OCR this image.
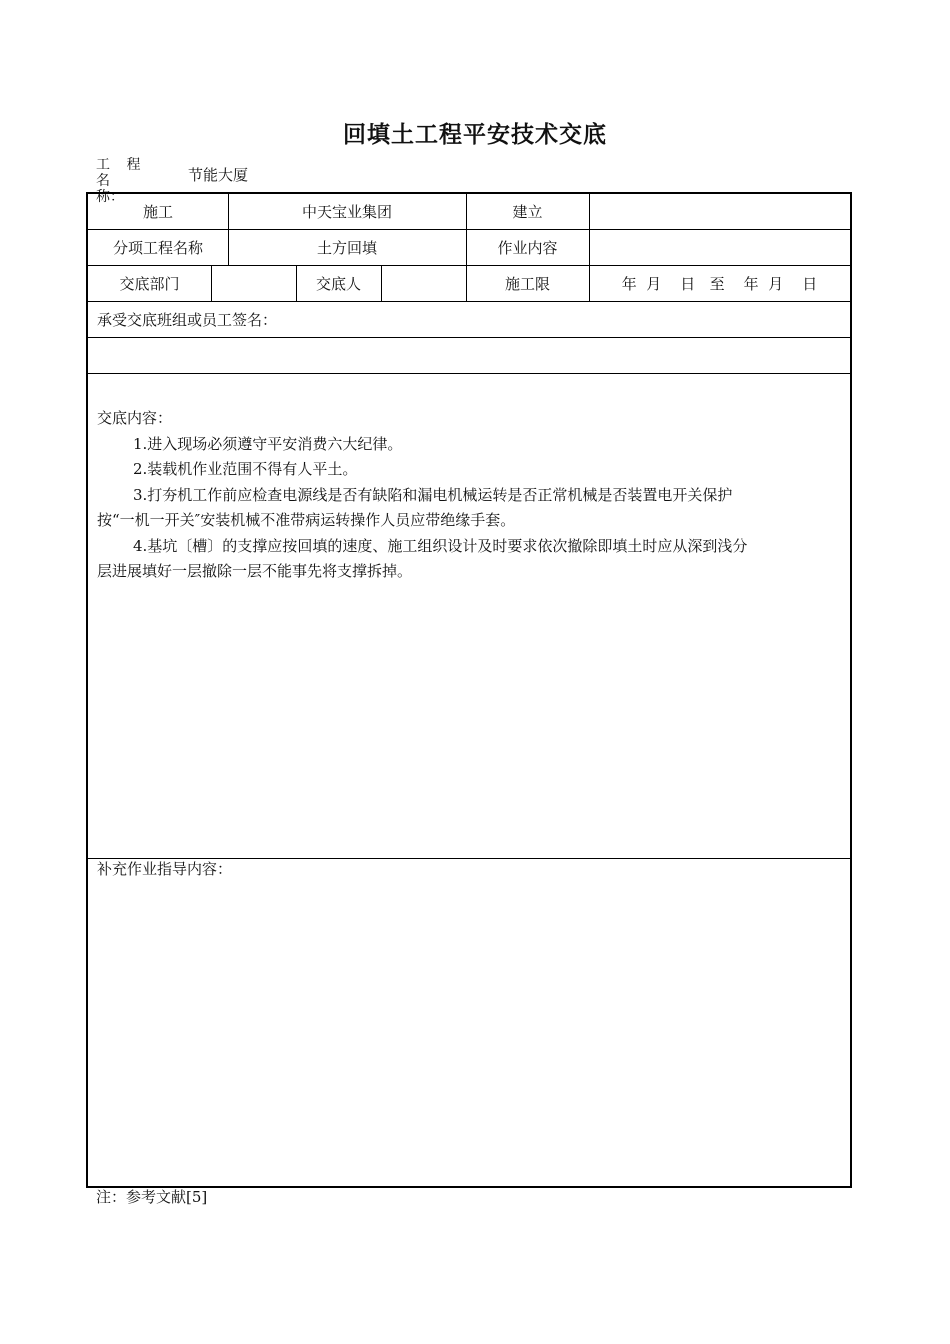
回填土工程平安技术交底
工 程 名
称：
节能大厦
施工	中天宝业集团	建立
分项工程名称	土方回填	作业内容
交底部门	交底人	施工限	年  月    日   至    年  月    日
承受交底班组或员工签名：

交底内容：

1.进入现场必须遵守平安消费六大纪律。

2.装载机作业范围不得有人平土。

3.打夯机工作前应检查电源线是否有缺陷和漏电机械运转是否正常机械是否装置电开关保护

按“一机一开关″安装机械不准带病运转操作人员应带绝缘手套。

4.基坑〔槽〕的支撑应按回填的速度、施工组织设计及时要求依次撤除即填土时应从深到浅分

层进展填好一层撤除一层不能事先将支撑拆掉。

补充作业指导内容：
注：参考文献[5]
